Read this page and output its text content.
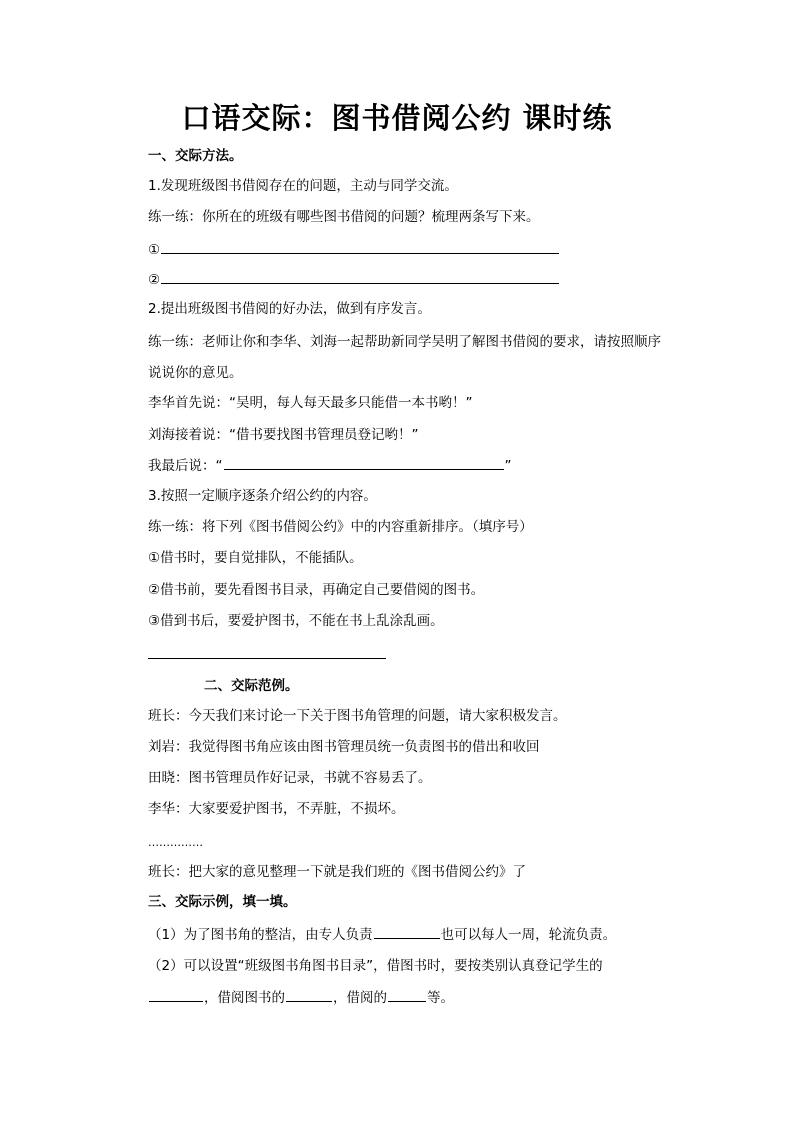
口语交际：图书借阅公约 课时练
一、交际方法。
1.发现班级图书借阅存在的问题，主动与同学交流。
练一练：你所在的班级有哪些图书借阅的问题？梳理两条写下来。
①
②
2.提出班级图书借阅的好办法，做到有序发言。
练一练：老师让你和李华、刘海一起帮助新同学吴明了解图书借阅的要求，请按照顺序
说说你的意见。
李华首先说：“吴明，每人每天最多只能借一本书哟！”
刘海接着说：“借书要找图书管理员登记哟！”
我最后说：“	”
3.按照一定顺序逐条介绍公约的内容。
练一练：将下列《图书借阅公约》中的内容重新排序。（填序号）
①借书时，要自觉排队，不能插队。
②借书前，要先看图书目录，再确定自己要借阅的图书。
③借到书后，要爱护图书，不能在书上乱涂乱画。
二、交际范例。
班长：今天我们来讨论一下关于图书角管理的问题，请大家积极发言。
刘岩：我觉得图书角应该由图书管理员统一负责图书的借出和收回
田晓：图书管理员作好记录，书就不容易丢了。
李华：大家要爱护图书，不弄脏，不损坏。
……………
班长：把大家的意见整理一下就是我们班的《图书借阅公约》了
三、交际示例，填一填。
（1）为了图书角的整洁，由专人负责	也可以每人一周，轮流负责。
（2）可以设置“班级图书角图书目录”，借图书时，要按类别认真登记学生的
，借阅图书的	，借阅的	等。
